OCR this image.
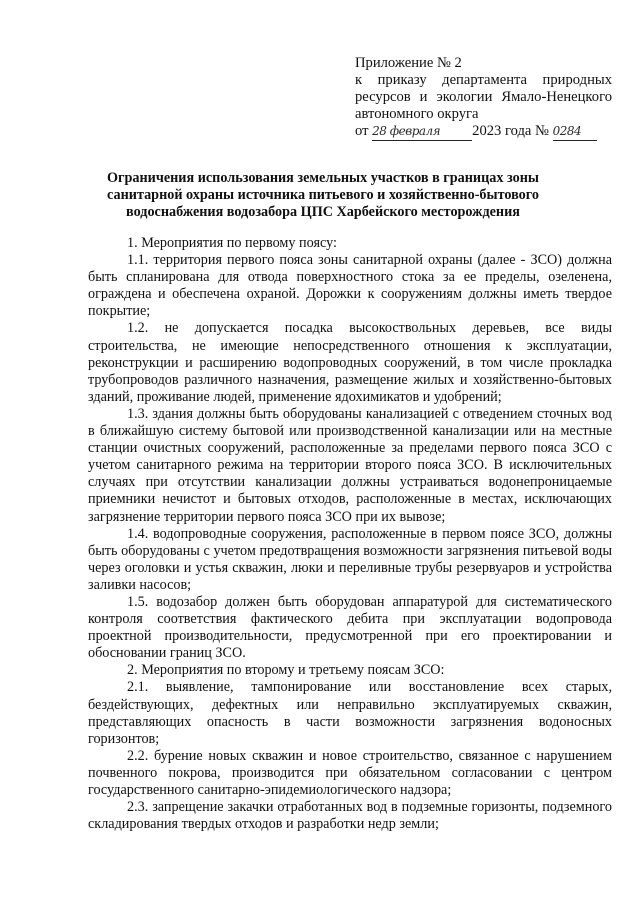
Приложение № 2
к приказу департамента природных
ресурсов и экологии Ямало-Ненецкого
автономного округа
от 28 февраля 2023 года № 0284
Ограничения использования земельных участков в границах зоны санитарной охраны источника питьевого и хозяйственно-бытового водоснабжения водозабора ЦПС Харбейского месторождения

1. Мероприятия по первому поясу:

1.1. территория первого пояса зоны санитарной охраны (далее - ЗСО) должна быть спланирована для отвода поверхностного стока за ее пределы, озеленена, ограждена и обеспечена охраной. Дорожки к сооружениям должны иметь твердое покрытие;

1.2. не допускается посадка высокоствольных деревьев, все виды строительства, не имеющие непосредственного отношения к эксплуатации, реконструкции и расширению водопроводных сооружений, в том числе прокладка трубопроводов различного назначения, размещение жилых и хозяйственно-бытовых зданий, проживание людей, применение ядохимикатов и удобрений;

1.3. здания должны быть оборудованы канализацией с отведением сточных вод в ближайшую систему бытовой или производственной канализации или на местные станции очистных сооружений, расположенные за пределами первого пояса ЗСО с учетом санитарного режима на территории второго пояса ЗСО. В исключительных случаях при отсутствии канализации должны устраиваться водонепроницаемые приемники нечистот и бытовых отходов, расположенные в местах, исключающих загрязнение территории первого пояса ЗСО при их вывозе;

1.4. водопроводные сооружения, расположенные в первом поясе ЗСО, должны быть оборудованы с учетом предотвращения возможности загрязнения питьевой воды через оголовки и устья скважин, люки и переливные трубы резервуаров и устройства заливки насосов;

1.5. водозабор должен быть оборудован аппаратурой для систематического контроля соответствия фактического дебита при эксплуатации водопровода проектной производительности, предусмотренной при его проектировании и обосновании границ ЗСО.

2. Мероприятия по второму и третьему поясам ЗСО:

2.1. выявление, тампонирование или восстановление всех старых, бездействующих, дефектных или неправильно эксплуатируемых скважин, представляющих опасность в части возможности загрязнения водоносных горизонтов;

2.2. бурение новых скважин и новое строительство, связанное с нарушением почвенного покрова, производится при обязательном согласовании с центром государственного санитарно-эпидемиологического надзора;

2.3. запрещение закачки отработанных вод в подземные горизонты, подземного складирования твердых отходов и разработки недр земли;
